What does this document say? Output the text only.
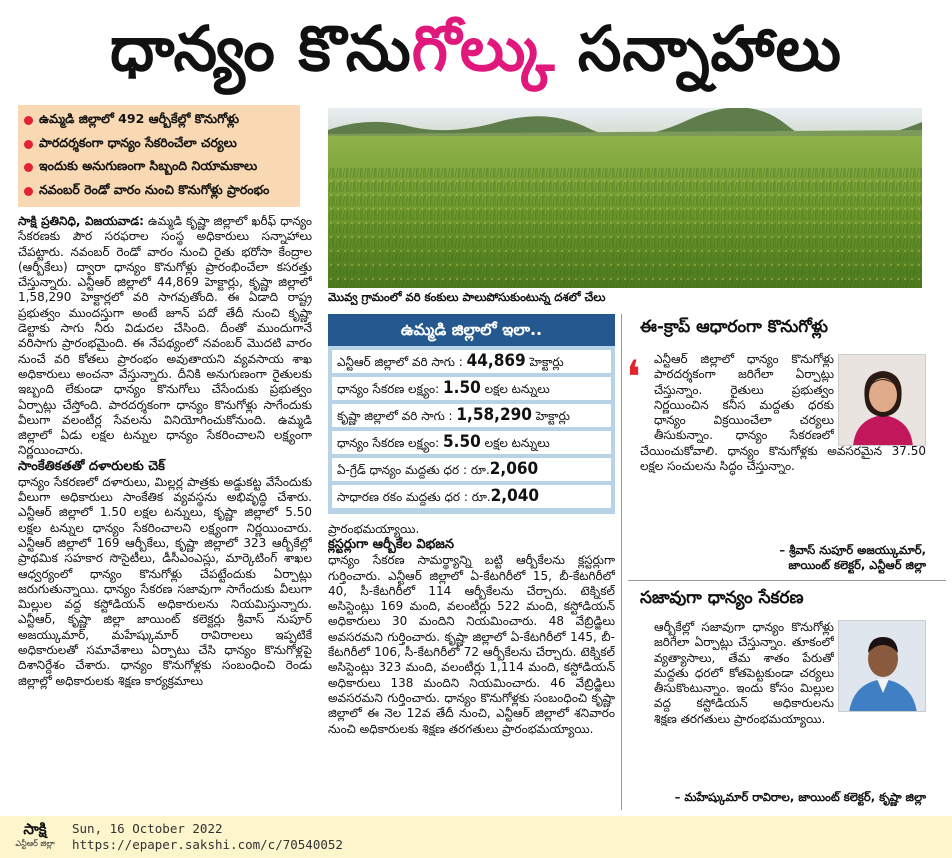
ధాన్యం కొనుగోల్కు సన్నాహాలు
ఉమ్మడి జిల్లాలో 492 ఆర్బీకేల్లో కొనుగోళ్లు
పారదర్శకంగా ధాన్యం సేకరించేలా చర్యలు
ఇందుకు అనుగుణంగా సిబ్బంది నియామకాలు
నవంబర్ రెండో వారం నుంచి కొనుగోళ్లు ప్రారంభం

సాక్షి ప్రతినిధి, విజయవాడ: ఉమ్మడి కృష్ణా జిల్లాలో ఖరీఫ్ ధాన్యం సేకరణకు పౌర సరఫరాల సంస్థ అధికారులు సన్నాహాలు చేపట్టారు. నవంబర్ రెండో వారం నుంచి రైతు భరోసా కేంద్రాల (ఆర్బీకేలు) ద్వారా ధాన్యం కొనుగోళ్లు ప్రారంభించేలా కసరత్తు చేస్తున్నారు. ఎన్టీఆర్ జిల్లాలో 44,869 హెక్టార్లు, కృష్ణా జిల్లాలో 1,58,290 హెక్టార్లలో వరి సాగవుతోంది. ఈ ఏడాది రాష్ట్ర ప్రభుత్వం ముందస్తుగా అంటే జూన్ పదో తేదీ నుంచి కృష్ణా డెల్టాకు సాగు నీరు విడుదల చేసింది. దీంతో ముందుగానే వరిసాగు ప్రారంభమైంది. ఈ నేపథ్యంలో నవంబర్ మొదటి వారం నుంచే వరి కోతలు ప్రారంభం అవుతాయని వ్యవసాయ శాఖ అధికారులు అంచనా వేస్తున్నారు. దీనికి అనుగుణంగా రైతులకు ఇబ్బంది లేకుండా ధాన్యం కొనుగోలు చేసేందుకు ప్రభుత్వం ఏర్పాట్లు చేస్తోంది. పారదర్శకంగా ధాన్యం కొనుగోళ్లు సాగేందుకు వీలుగా వలంటీర్ల సేవలను వినియోగించుకోనుంది. ఉమ్మడి జిల్లాలో ఏడు లక్షల టన్నుల ధాన్యం సేకరించాలని లక్ష్యంగా నిర్ణయించారు.

సాంకేతికతతో దళారులకు చెక్

ధాన్యం సేకరణలో దళారులు, మిల్లర్ల పాత్రకు అడ్డుకట్ట వేసేందుకు వీలుగా అధికారులు సాంకేతిక వ్యవస్థను అభివృద్ధి చేశారు. ఎన్టీఆర్ జిల్లాలో 1.50 లక్షల టన్నులు, కృష్ణా జిల్లాలో 5.50 లక్షల టన్నుల ధాన్యం సేకరించాలని లక్ష్యంగా నిర్ణయించారు. ఎన్టీఆర్ జిల్లాలో 169 ఆర్బీకేలు, కృష్ణా జిల్లాలో 323 ఆర్బీకేల్లో ప్రాథమిక సహకార సొసైటీలు, డీసీఎంఎస్లు, మార్కెటింగ్ శాఖల ఆధ్వర్యంలో ధాన్యం కొనుగోళ్లు చేపట్టేందుకు ఏర్పాట్లు జరుగుతున్నాయి. ధాన్యం సేకరణ సజావుగా సాగేందుకు వీలుగా మిల్లుల వద్ద కస్టోడియన్ అధికారులను నియమిస్తున్నారు. ఎన్టీఆర్, కృష్ణా జిల్లా జాయింట్ కలెక్టర్లు శ్రీవాస్ నుపూర్ అజయ్కుమార్, మహేష్కుమార్ రావిరాలలు ఇప్పటికే అధికారులతో సమావేశాలు ఏర్పాటు చేసి ధాన్యం కొనుగోళ్లపై దిశానిర్దేశం చేశారు. ధాన్యం కొనుగోళ్లకు సంబంధించి రెండు జిల్లాల్లో అధికారులకు శిక్షణ కార్యక్రమాలు

మొవ్వ గ్రామంలో వరి కంకులు పాలుపోసుకుంటున్న దశలో చేలు
ఉమ్మడి జిల్లాలో ఇలా..
ఎన్టీఆర్ జిల్లాలో వరి సాగు : 44,869 హెక్టార్లు
ధాన్యం సేకరణ లక్ష్యం: 1.50 లక్షల టన్నులు
కృష్ణా జిల్లాలో వరి సాగు : 1,58,290 హెక్టార్లు
ధాన్యం సేకరణ లక్ష్యం: 5.50 లక్షల టన్నులు
ఏ-గ్రేడ్ ధాన్యం మద్దతు ధర : రూ.2,060
సాధారణ రకం మద్దతు ధర : రూ.2,040

ప్రారంభమయ్యాయి.

క్లస్టర్లుగా ఆర్బీకేల విభజన

ధాన్యం సేకరణ సామర్థ్యాన్ని బట్టి ఆర్బీకేలను క్లస్టర్లుగా గుర్తించారు. ఎన్టీఆర్ జిల్లాలో ఏ-కేటగిరీలో 15, బీ-కేటగిరీలో 40, సీ-కేటగిరీలో 114 ఆర్బీకేలను చేర్చారు. టెక్నికల్ అసిస్టెంట్లు 169 మంది, వలంటీర్లు 522 మంది, కస్టోడియన్ అధికారులు 30 మందిని నియమించారు. 48 వేబ్రిడ్జిలు అవసరమని గుర్తించారు. కృష్ణా జిల్లాలో ఏ-కేటగిరీలో 145, బీ-కేటగిరీలో 106, సీ-కేటగిరీలో 72 ఆర్బీకేలను చేర్చారు. టెక్నికల్ అసిస్టెంట్లు 323 మంది, వలంటీర్లు 1,114 మంది, కస్టోడియన్ అధికారులు 138 మందిని నియమించారు. 46 వేబ్రిడ్జిలు అవసరమని గుర్తించారు. ధాన్యం కొనుగోళ్లకు సంబంధించి కృష్ణా జిల్లాలో ఈ నెల 12వ తేదీ నుంచి, ఎన్టీఆర్ జిల్లాలో శనివారం నుంచి అధికారులకు శిక్షణ తరగతులు ప్రారంభమయ్యాయి.

ఈ-క్రాప్ ఆధారంగా కొనుగోళ్లు
❛ ఎన్టీఆర్ జిల్లాలో ధాన్యం కొనుగోళ్లు పారదర్శకంగా జరిగేలా ఏర్పాట్లు చేస్తున్నాం. రైతులు ప్రభుత్వం నిర్ణయించిన కనీస మద్దతు ధరకు ధాన్యం విక్రయించేలా చర్యలు తీసుకున్నాం. ధాన్యం సేకరణలో

చేయించుకోవాలి. ధాన్యం కొనుగోళ్లకు అవసరమైన 37.50 లక్షల సంచులను సిద్ధం చేస్తున్నాం.

– శ్రీవాస్ నుపూర్ అజయ్కుమార్,
జాయింట్ కలెక్టర్, ఎన్టీఆర్ జిల్లా
సజావుగా ధాన్యం సేకరణ

ఆర్బీకేల్లో సజావుగా ధాన్యం కొనుగోళ్లు జరిగేలా ఏర్పాట్లు చేస్తున్నాం. తూకంలో వ్యత్యాసాలు, తేమ శాతం పేరుతో మద్దతు ధరలో కోతపెట్టకుండా చర్యలు తీసుకొంటున్నాం. ఇందు కోసం మిల్లుల వద్ద కస్టోడియన్ అధికారులను

శిక్షణ తరగతులు ప్రారంభమయ్యాయి.

– మహేష్కుమార్ రావిరాల, జాయింట్ కలెక్టర్, కృష్ణా జిల్లా
సాక్షి
ఎన్టీఆర్ జిల్లా
Sun, 16 October 2022
https://epaper.sakshi.com/c/70540052
